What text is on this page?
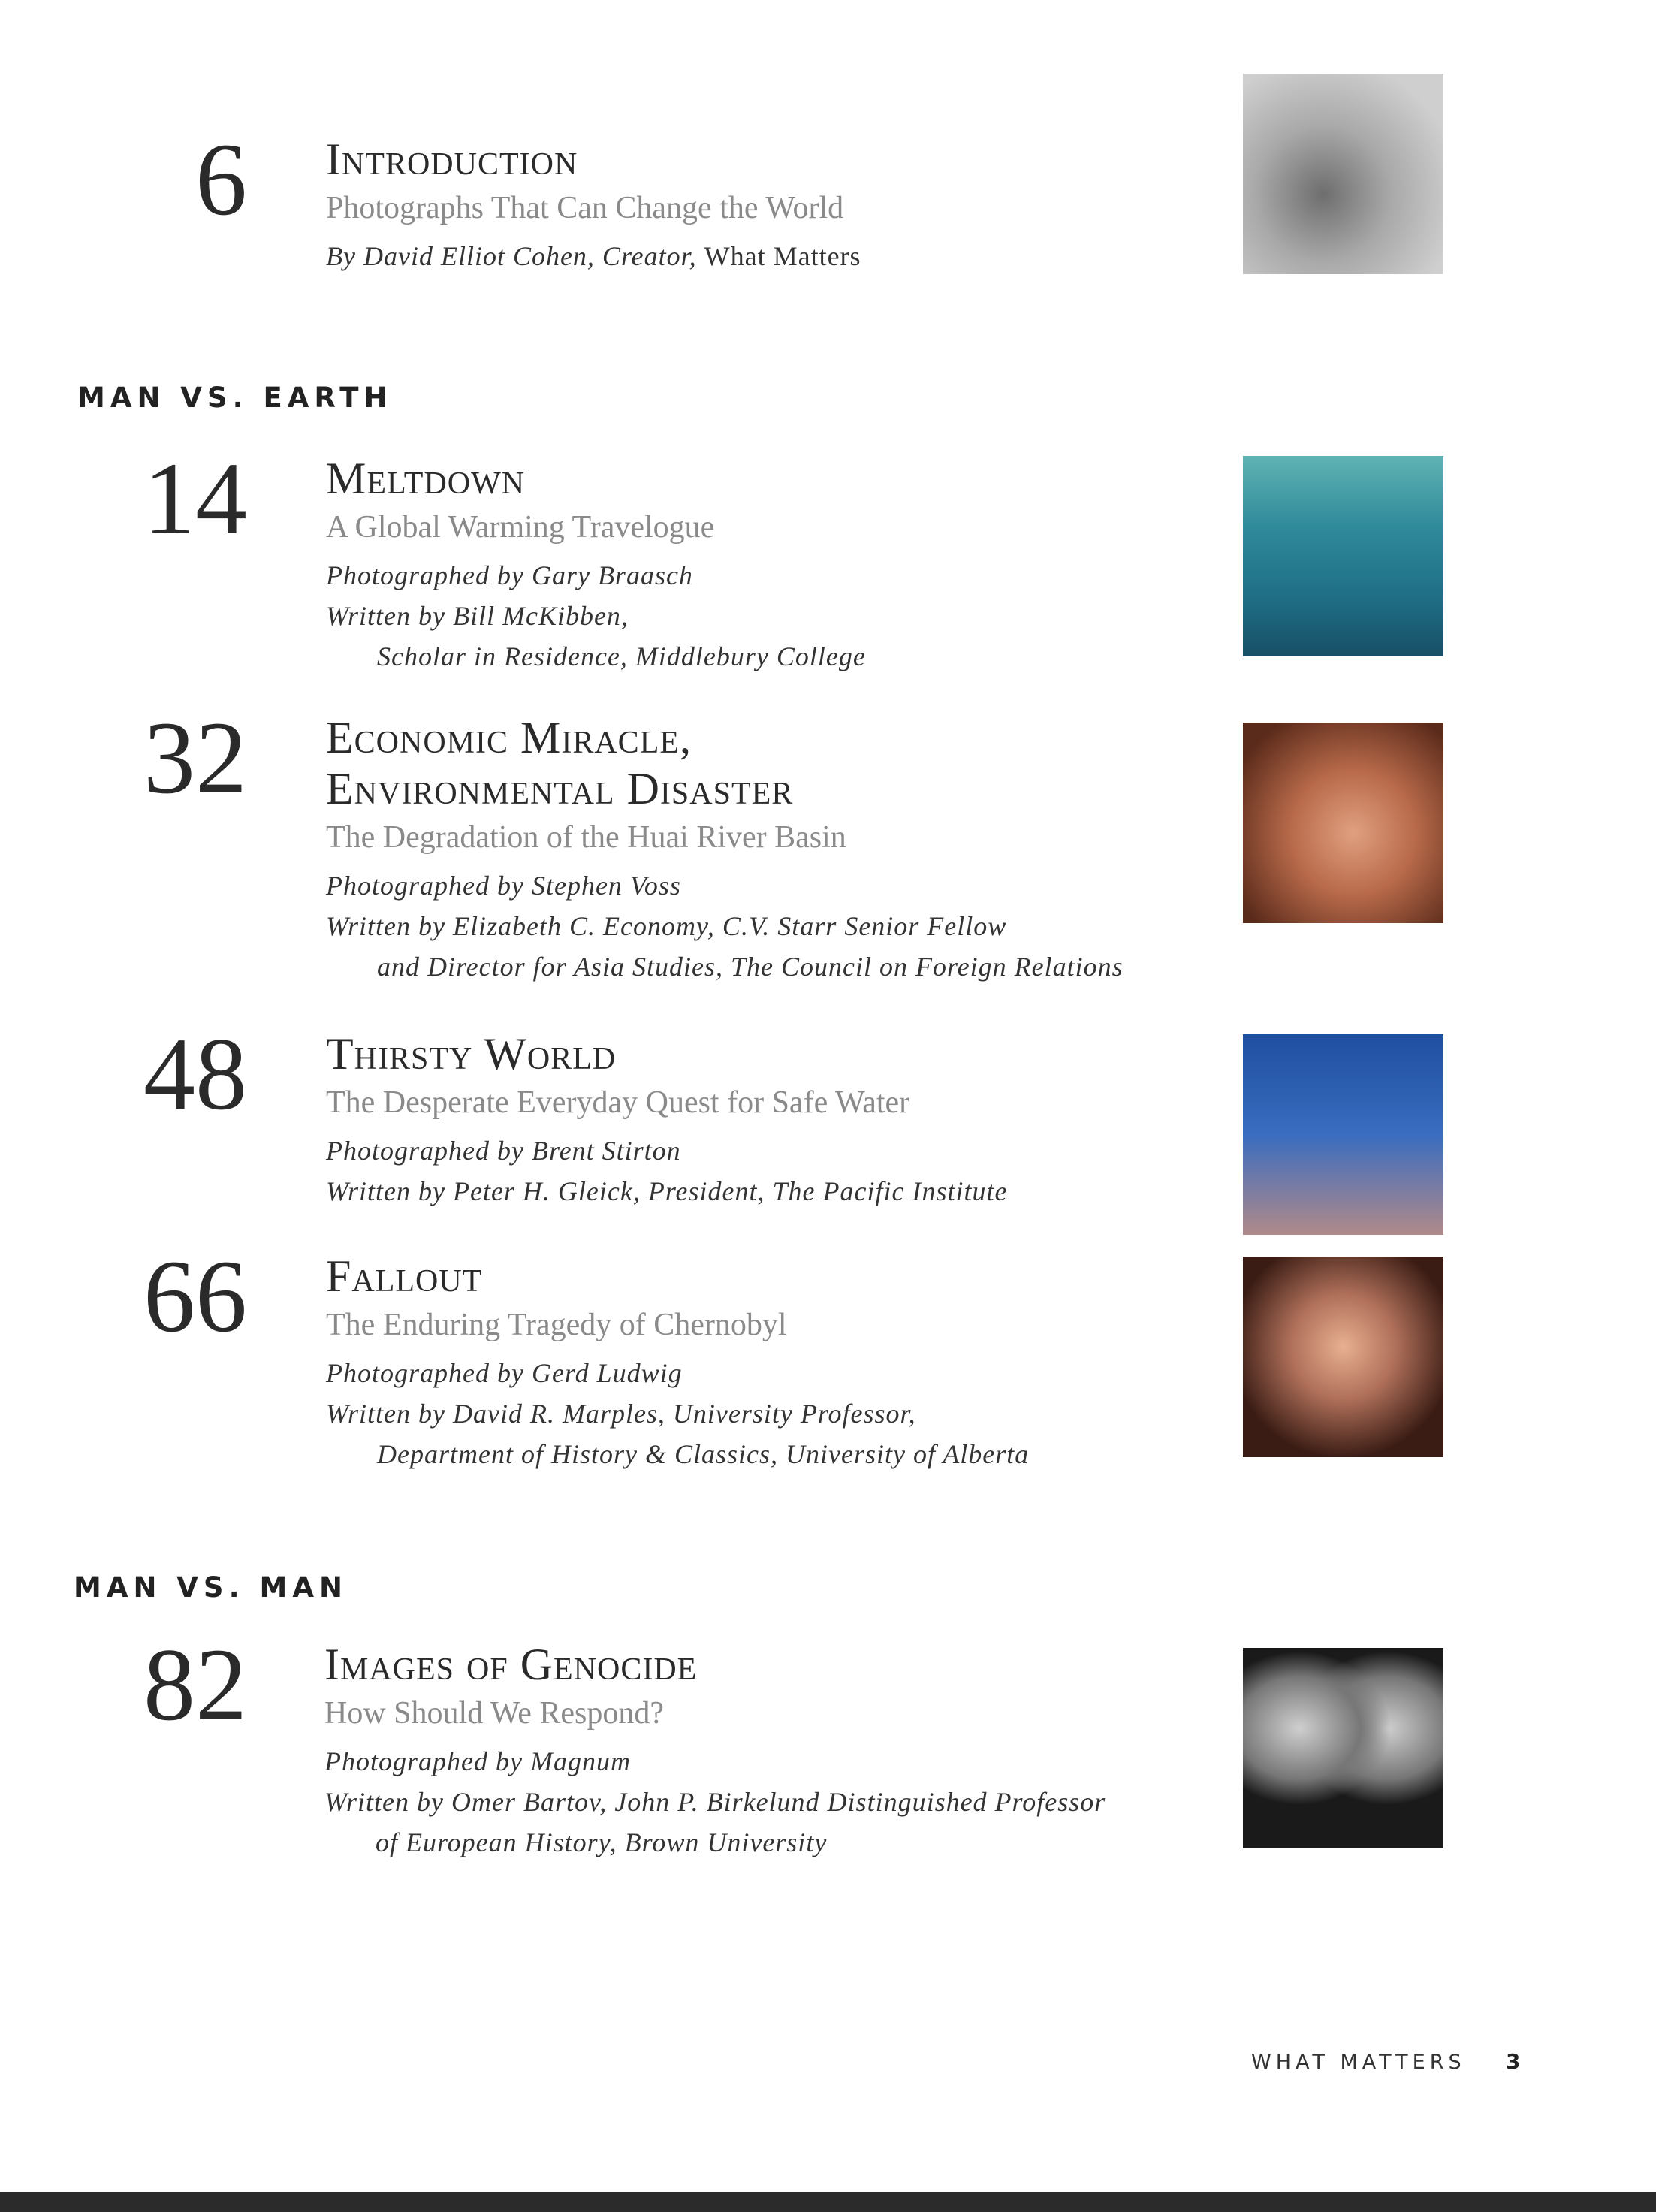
6 Introduction
Photographs That Can Change the World
By David Elliot Cohen, Creator, What Matters
MAN VS. EARTH
14 Meltdown
A Global Warming Travelogue
Photographed by Gary Braasch
Written by Bill McKibben,
Scholar in Residence, Middlebury College
32 Economic Miracle,
Environmental Disaster
The Degradation of the Huai River Basin
Photographed by Stephen Voss
Written by Elizabeth C. Economy, C.V. Starr Senior Fellow
and Director for Asia Studies, The Council on Foreign Relations
48 Thirsty World
The Desperate Everyday Quest for Safe Water
Photographed by Brent Stirton
Written by Peter H. Gleick, President, The Pacific Institute
66 Fallout
The Enduring Tragedy of Chernobyl
Photographed by Gerd Ludwig
Written by David R. Marples, University Professor,
Department of History & Classics, University of Alberta
MAN VS. MAN
82 Images of Genocide
How Should We Respond?
Photographed by Magnum
Written by Omer Bartov, John P. Birkelund Distinguished Professor
of European History, Brown University
WHAT MATTERS 3
